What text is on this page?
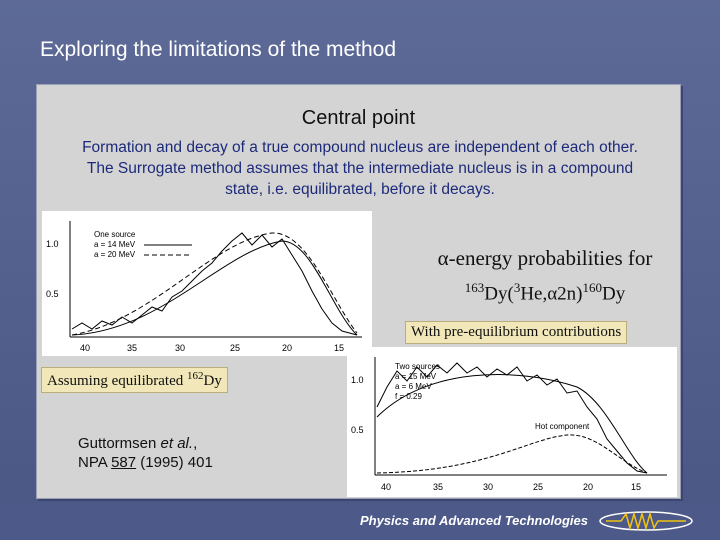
Exploring the limitations of the method
Central point
Formation and decay of a true compound nucleus are independent of each other. The Surrogate method assumes that the intermediate nucleus is in a compound state, i.e. equilibrated, before it decays.
1.0
0.5
40	35	30	25	20	15
One source
a = 14 MeV
a = 20 MeV
1.0
0.5
40	35	30	25	20	15
Two sources
a = 15 MeV
a = 6 MeV
f = 0.29
Hot component
α-energy probabilities for
$^{163}Dy(^3He,\alpha 2n)^{160}Dy$
With pre-equilibrium contributions
Assuming equilibrated $^{162}$Dy
Guttormsen et al.,
NPA 587 (1995) 401
Physics and Advanced Technologies
